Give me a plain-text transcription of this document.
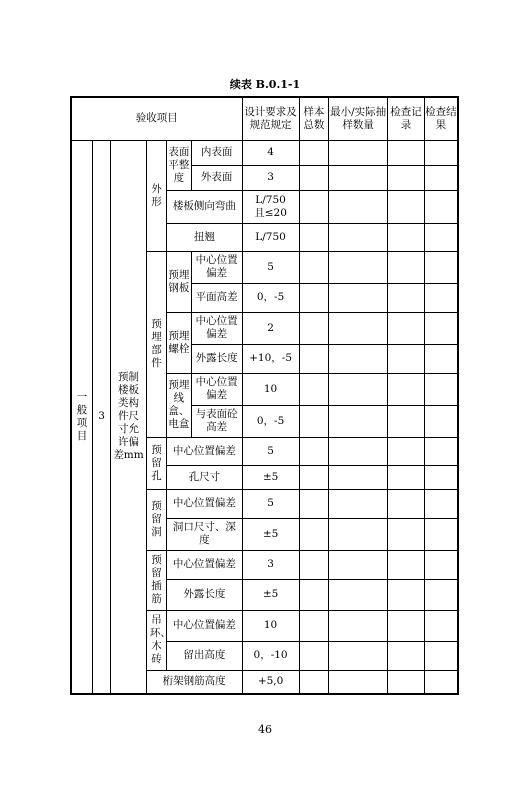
续表 B.0.1-1
验收项目						设计要求及规范规定	样本总数	最小/实际抽样数量	检查记录	检查结果
一般项目	3	预制楼板类构件尺寸允许偏差mm	外形	表面平整度	内表面	4				
					外表面	3				
				楼板侧向弯曲		L/750 且≤20				
				扭翘		L/750				
			预埋部件	预埋钢板	中心位置偏差	5				
					平面高差	0，-5				
				预埋螺栓	中心位置偏差	2				
					外露长度	+10，-5				
				预埋线盒、电盒	中心位置偏差	10				
					与表面砼高差	0，-5				
			预留孔	中心位置偏差		5				
				孔尺寸		±5				
			预留洞	中心位置偏差		5				
				洞口尺寸、深度		±5				
			预留插筋	中心位置偏差		3				
				外露长度		±5				
			吊环、木砖	中心位置偏差		10				
				留出高度		0，-10				
			桁架钢筋高度			+5,0				
46
